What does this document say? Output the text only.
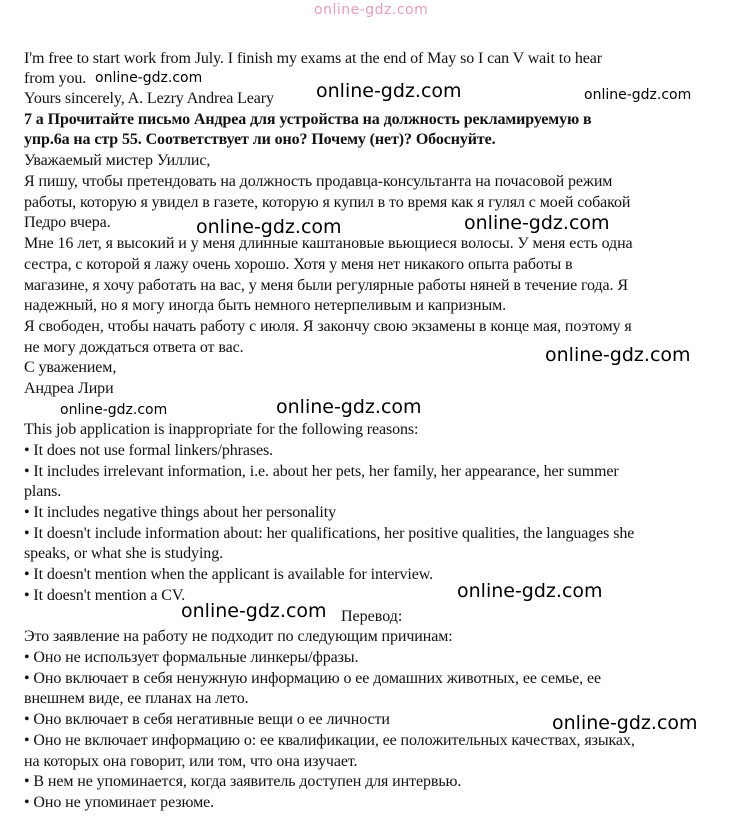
online-gdz.com

I'm free to start work from July. I finish my exams at the end of May so I can V wait to hear

from you.

Yours sincerely, A. Lezry Andrea Leary

7 а Прочитайте письмо Андреа для устройства на должность рекламируемую в

упр.6а на стр 55. Соответствует ли оно? Почему (нет)? Обоснуйте.

Уважаемый мистер Уиллис,

Я пишу, чтобы претендовать на должность продавца-консультанта на почасовой режим

работы, которую я увидел в газете, которую я купил в то время как я гулял с моей собакой

Педро вчера.

Мне 16 лет, я высокий и у меня длинные каштановые вьющиеся волосы. У меня есть одна

сестра, с которой я лажу очень хорошо. Хотя у меня нет никакого опыта работы в

магазине, я хочу работать на вас, у меня были регулярные работы няней в течение года. Я

надежный, но я могу иногда быть немного нетерпеливым и капризным.

Я свободен, чтобы начать работу с июля. Я закончу свою экзамены в конце мая, поэтому я

не могу дождаться ответа от вас.

С уважением,

Андреа Лири

This job application is inappropriate for the following reasons:

• It does not use formal linkers/phrases.

• It includes irrelevant information, i.e. about her pets, her family, her appearance, her summer

plans.

• It includes negative things about her personality

• It doesn't include information about: her qualifications, her positive qualities, the languages she

speaks, or what she is studying.

• It doesn't mention when the applicant is available for interview.

• It doesn't mention a CV.

Перевод:

Это заявление на работу не подходит по следующим причинам:

• Оно не использует формальные линкеры/фразы.

• Оно включает в себя ненужную информацию о ее домашних животных, ее семье, ее

внешнем виде, ее планах на лето.

• Оно включает в себя негативные вещи о ее личности

• Оно не включает информацию о: ее квалификации, ее положительных качествах, языках,

на которых она говорит, или том, что она изучает.

• В нем не упоминается, когда заявитель доступен для интервью.

• Оно не упоминает резюме.

online-gdz.com
online-gdz.com	online-gdz.com
online-gdz.com	online-gdz.com
online-gdz.com
online-gdz.com
online-gdz.com
online-gdz.com
online-gdz.com
online-gdz.com
